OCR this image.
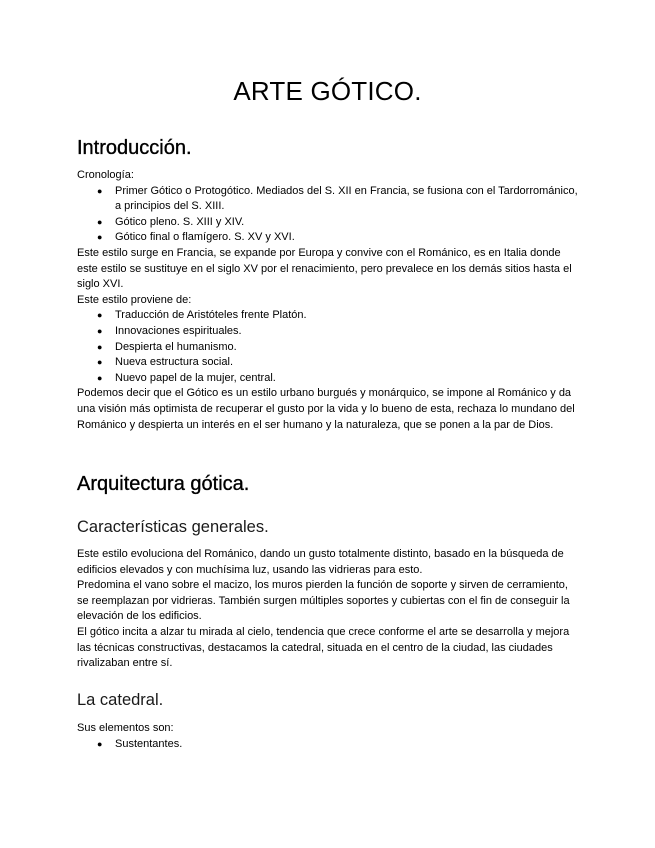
ARTE GÓTICO.
Introducción.

Cronología:

● Primer Gótico o Protogótico. Mediados del S. XII en Francia, se fusiona con el Tardorrománico, a principios del S. XIII.
● Gótico pleno. S. XIII y XIV.
● Gótico final o flamígero. S. XV y XVI.

Este estilo surge en Francia, se expande por Europa y convive con el Románico, es en Italia donde este estilo se sustituye en el siglo XV por el renacimiento, pero prevalece en los demás sitios hasta el siglo XVI.

Este estilo proviene de:

● Traducción de Aristóteles frente Platón.
● Innovaciones espirituales.
● Despierta el humanismo.
● Nueva estructura social.
● Nuevo papel de la mujer, central.

Podemos decir que el Gótico es un estilo urbano burgués y monárquico, se impone al Románico y da una visión más optimista de recuperar el gusto por la vida y lo bueno de esta, rechaza lo mundano del Románico y despierta un interés en el ser humano y la naturaleza, que se ponen a la par de Dios.

Arquitectura gótica.
Características generales.

Este estilo evoluciona del Románico, dando un gusto totalmente distinto, basado en la búsqueda de edificios elevados y con muchísima luz, usando las vidrieras para esto.

Predomina el vano sobre el macizo, los muros pierden la función de soporte y sirven de cerramiento, se reemplazan por vidrieras. También surgen múltiples soportes y cubiertas con el fin de conseguir la elevación de los edificios.

El gótico incita a alzar tu mirada al cielo, tendencia que crece conforme el arte se desarrolla y mejora las técnicas constructivas, destacamos la catedral, situada en el centro de la ciudad, las ciudades rivalizaban entre sí.

La catedral.

Sus elementos son:

● Sustentantes.
